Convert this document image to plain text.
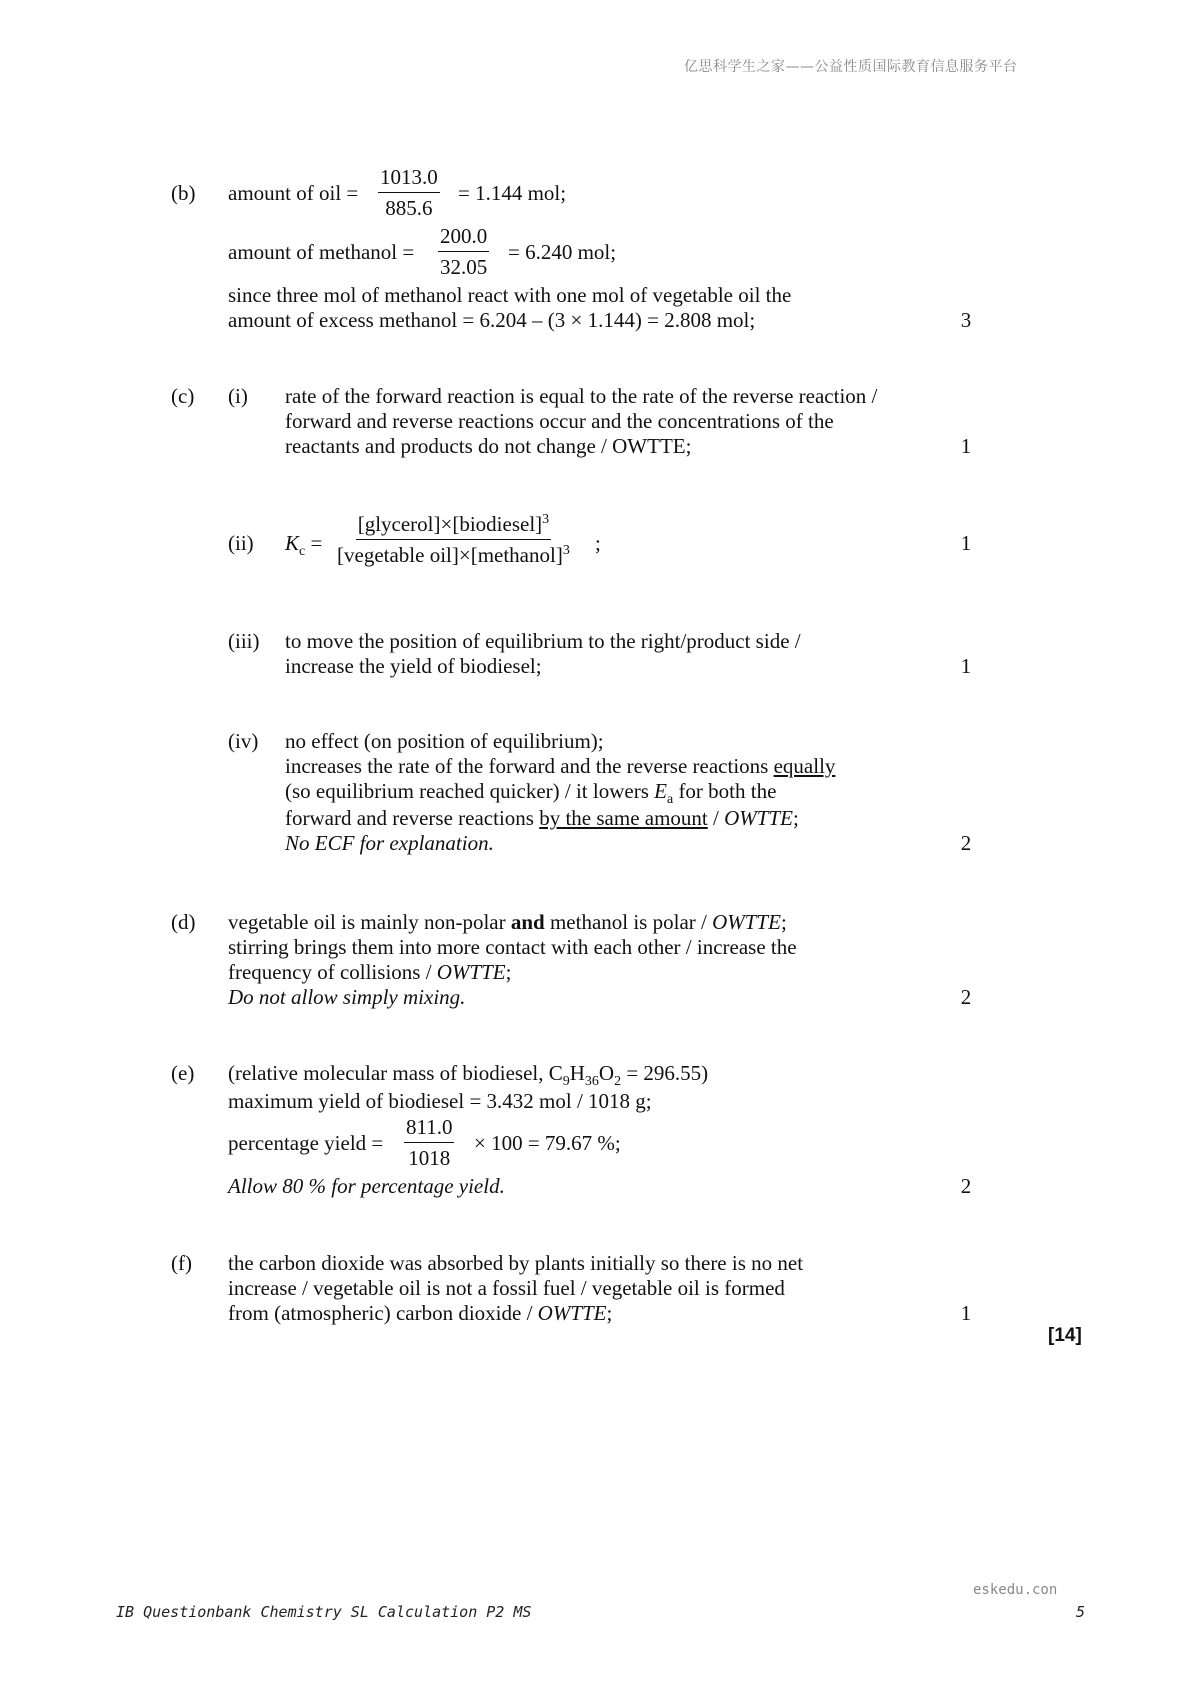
亿思科学生之家——公益性质国际教育信息服务平台
(b) amount of oil = $\frac{1013.0}{885.6} = 1.144$ mol;
amount of methanol = $\frac{200.0}{32.05} = 6.240$ mol;
since three mol of methanol react with one mol of vegetable oil the
amount of excess methanol = 6.204 – (3 × 1.144) = 2.808 mol;	3
(c) (i) rate of the forward reaction is equal to the rate of the reverse reaction /
forward and reverse reactions occur and the concentrations of the
reactants and products do not change / OWTTE;	1
(ii) $K_c$ =
[glycerol]×[biodiesel]$^3$
[vegetable oil]×[methanol]$^3$ ;	1
(iii) to move the position of equilibrium to the right/product side /
increase the yield of biodiesel;	1
(iv) no effect (on position of equilibrium);
increases the rate of the forward and the reverse reactions equally
(so equilibrium reached quicker) / it lowers $E_a$ for both the
forward and reverse reactions by the same amount / OWTTE;
No ECF for explanation.	2
(d) vegetable oil is mainly non-polar and methanol is polar / OWTTE;
stirring brings them into more contact with each other / increase the
frequency of collisions / OWTTE;
Do not allow simply mixing.	2
(e) (relative molecular mass of biodiesel, $C_9H_{36}O_2 = 296.55$)
maximum yield of biodiesel = 3.432 mol / 1018 g;
percentage yield = $\frac{811.0}{1018} \times 100 = 79.67$ %;
Allow 80 % for percentage yield.	2
(f) the carbon dioxide was absorbed by plants initially so there is no net
increase / vegetable oil is not a fossil fuel / vegetable oil is formed
from (atmospheric) carbon dioxide / OWTTE;	1
[14]
eskedu.con
IB Questionbank Chemistry SL Calculation P2 MS	5
